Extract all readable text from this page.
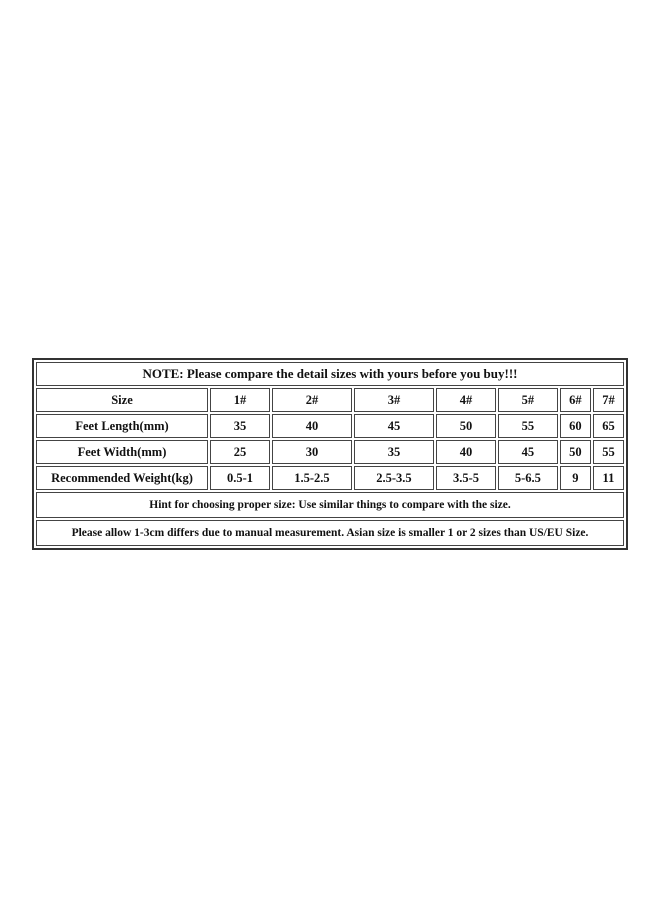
NOTE: Please compare the detail sizes with yours before you buy!!!							
Size	1#	2#	3#	4#	5#	6#	7#
Feet Length(mm)	35	40	45	50	55	60	65
Feet Width(mm)	25	30	35	40	45	50	55
Recommended Weight(kg)	0.5-1	1.5-2.5	2.5-3.5	3.5-5	5-6.5	9	11
Hint for choosing proper size: Use similar things to compare with the size.							
Please allow 1-3cm differs due to manual measurement. Asian size is smaller 1 or 2 sizes than US/EU Size.							
